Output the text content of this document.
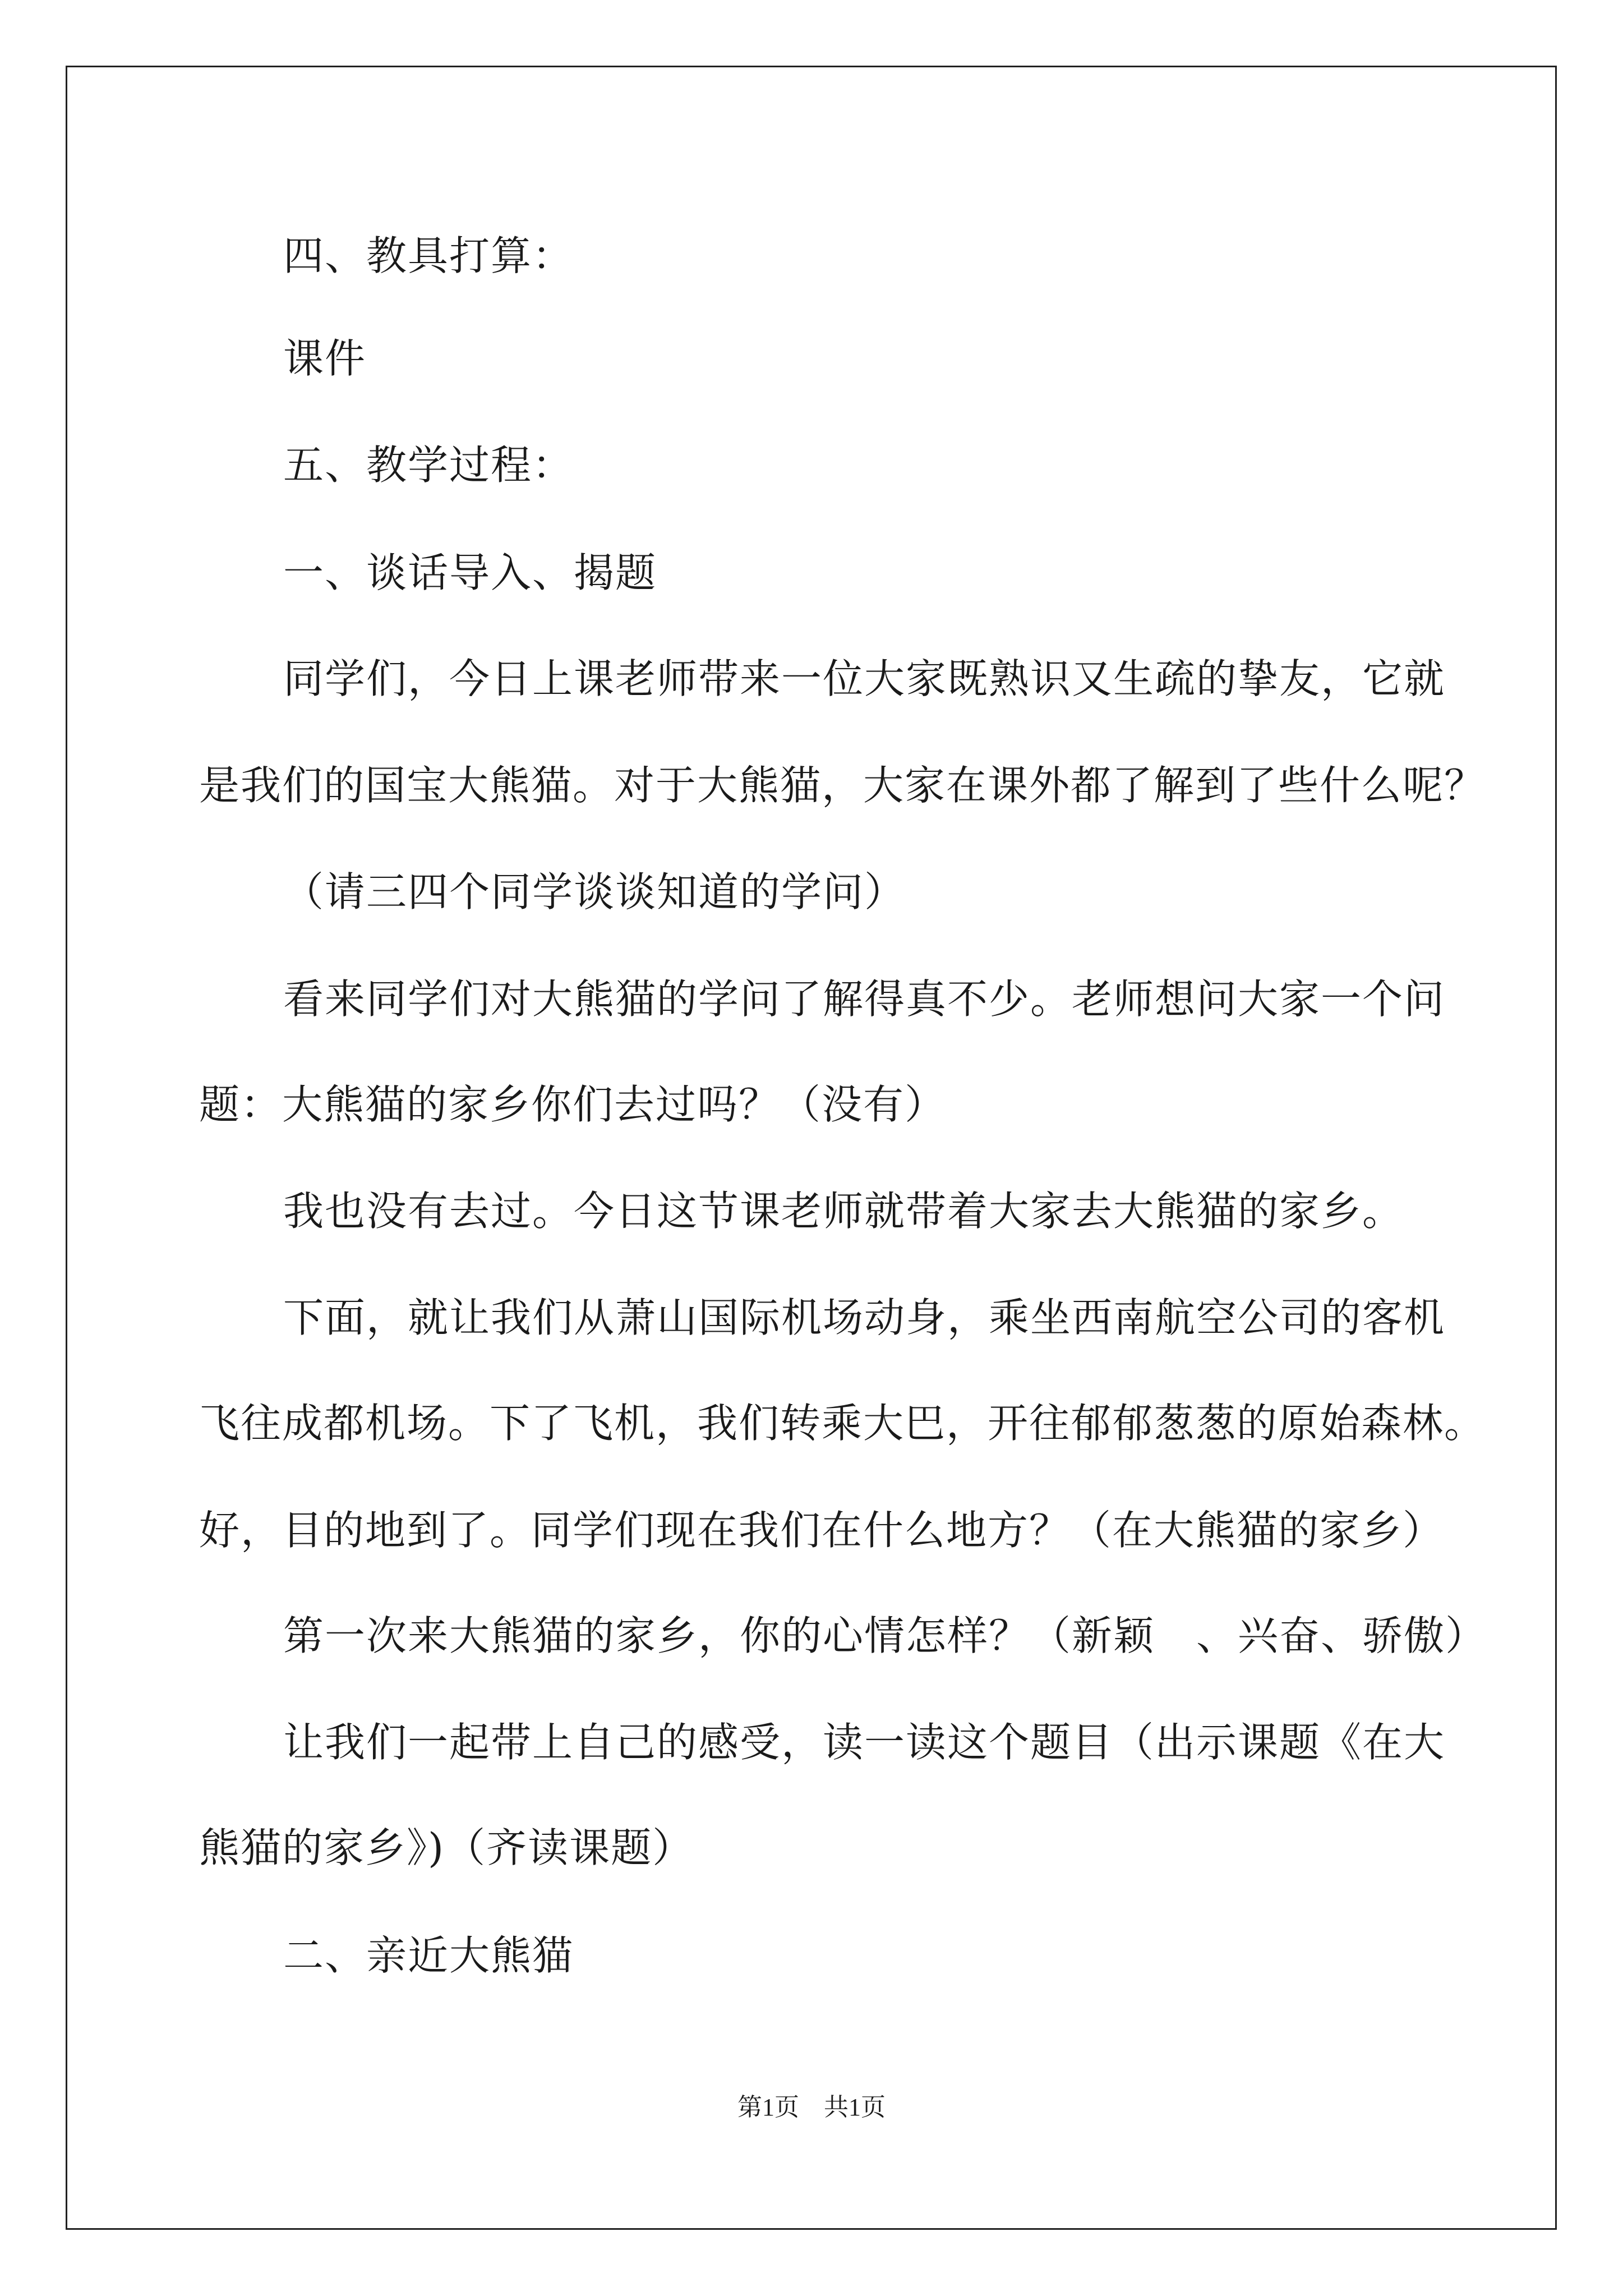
四、教具打算：
课件
五、教学过程：
一、谈话导入、揭题
同学们，今日上课老师带来一位大家既熟识又生疏的挚友，它就
是我们的国宝大熊猫。对于大熊猫，大家在课外都了解到了些什么呢？
（请三四个同学谈谈知道的学问）
看来同学们对大熊猫的学问了解得真不少。老师想问大家一个问
题：大熊猫的家乡你们去过吗？（没有）
我也没有去过。今日这节课老师就带着大家去大熊猫的家乡。
下面，就让我们从萧山国际机场动身，乘坐西南航空公司的客机
飞往成都机场。下了飞机，我们转乘大巴，开往郁郁葱葱的原始森林。
好，目的地到了。同学们现在我们在什么地方？（在大熊猫的家乡）
第一次来大熊猫的家乡，你的心情怎样？（新颖　、兴奋、骄傲）
让我们一起带上自己的感受，读一读这个题目（出示课题《在大
熊猫的家乡》)（齐读课题）
二、亲近大熊猫
第1页　共1页
